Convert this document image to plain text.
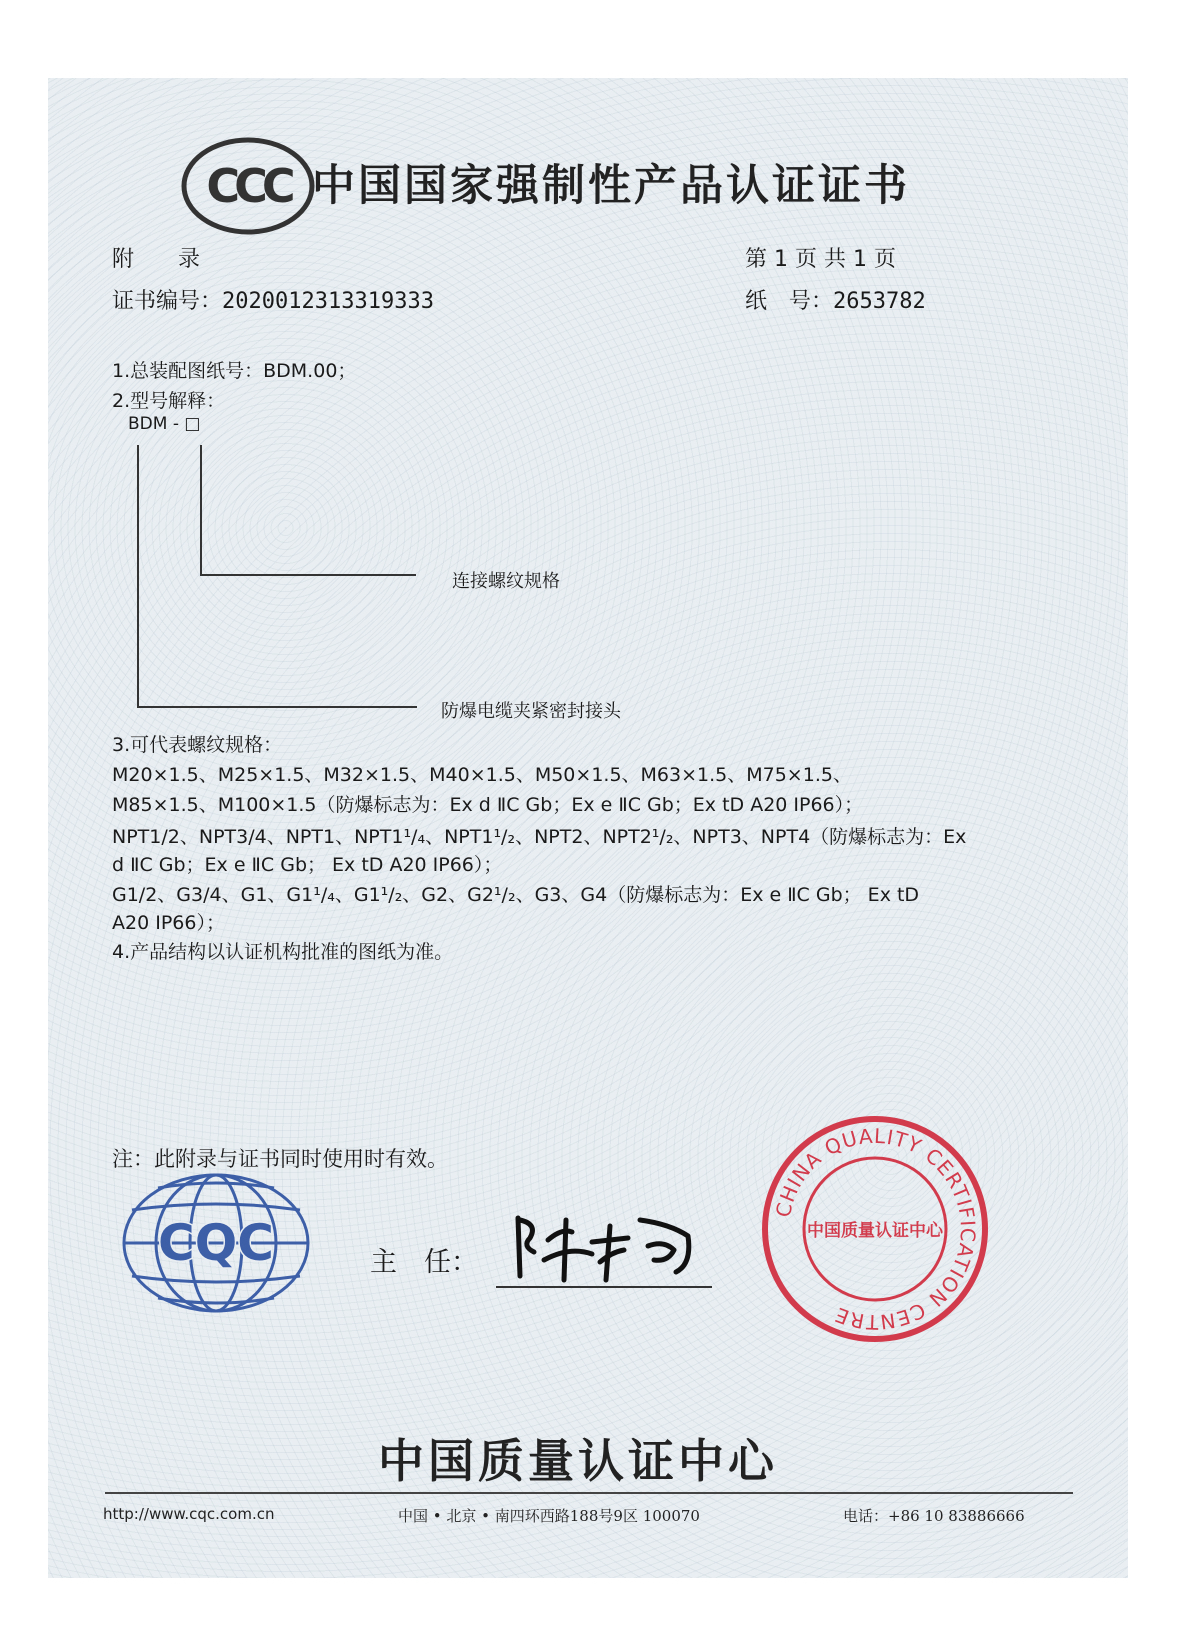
CCC 中国国家强制性产品认证证书
附　　录	第 1 页 共 1 页
证书编号：2020012313319333	纸　号：2653782
1.总装配图纸号：BDM.00；
2.型号解释：
BDM - □
连接螺纹规格
防爆电缆夹紧密封接头
3.可代表螺纹规格：
M20×1.5、M25×1.5、M32×1.5、M40×1.5、M50×1.5、M63×1.5、M75×1.5、
M85×1.5、M100×1.5（防爆标志为：Ex d ⅡC Gb；Ex e ⅡC Gb；Ex tD A20 IP66）；
NPT1/2、NPT3/4、NPT1、NPT1¹/₄、NPT1¹/₂、NPT2、NPT2¹/₂、NPT3、NPT4（防爆标志为：Ex
d ⅡC Gb；Ex e ⅡC Gb； Ex tD A20 IP66）；
G1/2、G3/4、G1、G1¹/₄、G1¹/₂、G2、G2¹/₂、G3、G4（防爆标志为：Ex e ⅡC Gb； Ex tD
A20 IP66）；
4.产品结构以认证机构批准的图纸为准。
注：此附录与证书同时使用时有效。
CQC	主　任：
CHINA QUALITY CERTIFICATION CENTRE
中国质量认证中心
中国质量认证中心
http://www.cqc.com.cn	中国 • 北京 • 南四环西路188号9区 100070	电话：+86 10 83886666
